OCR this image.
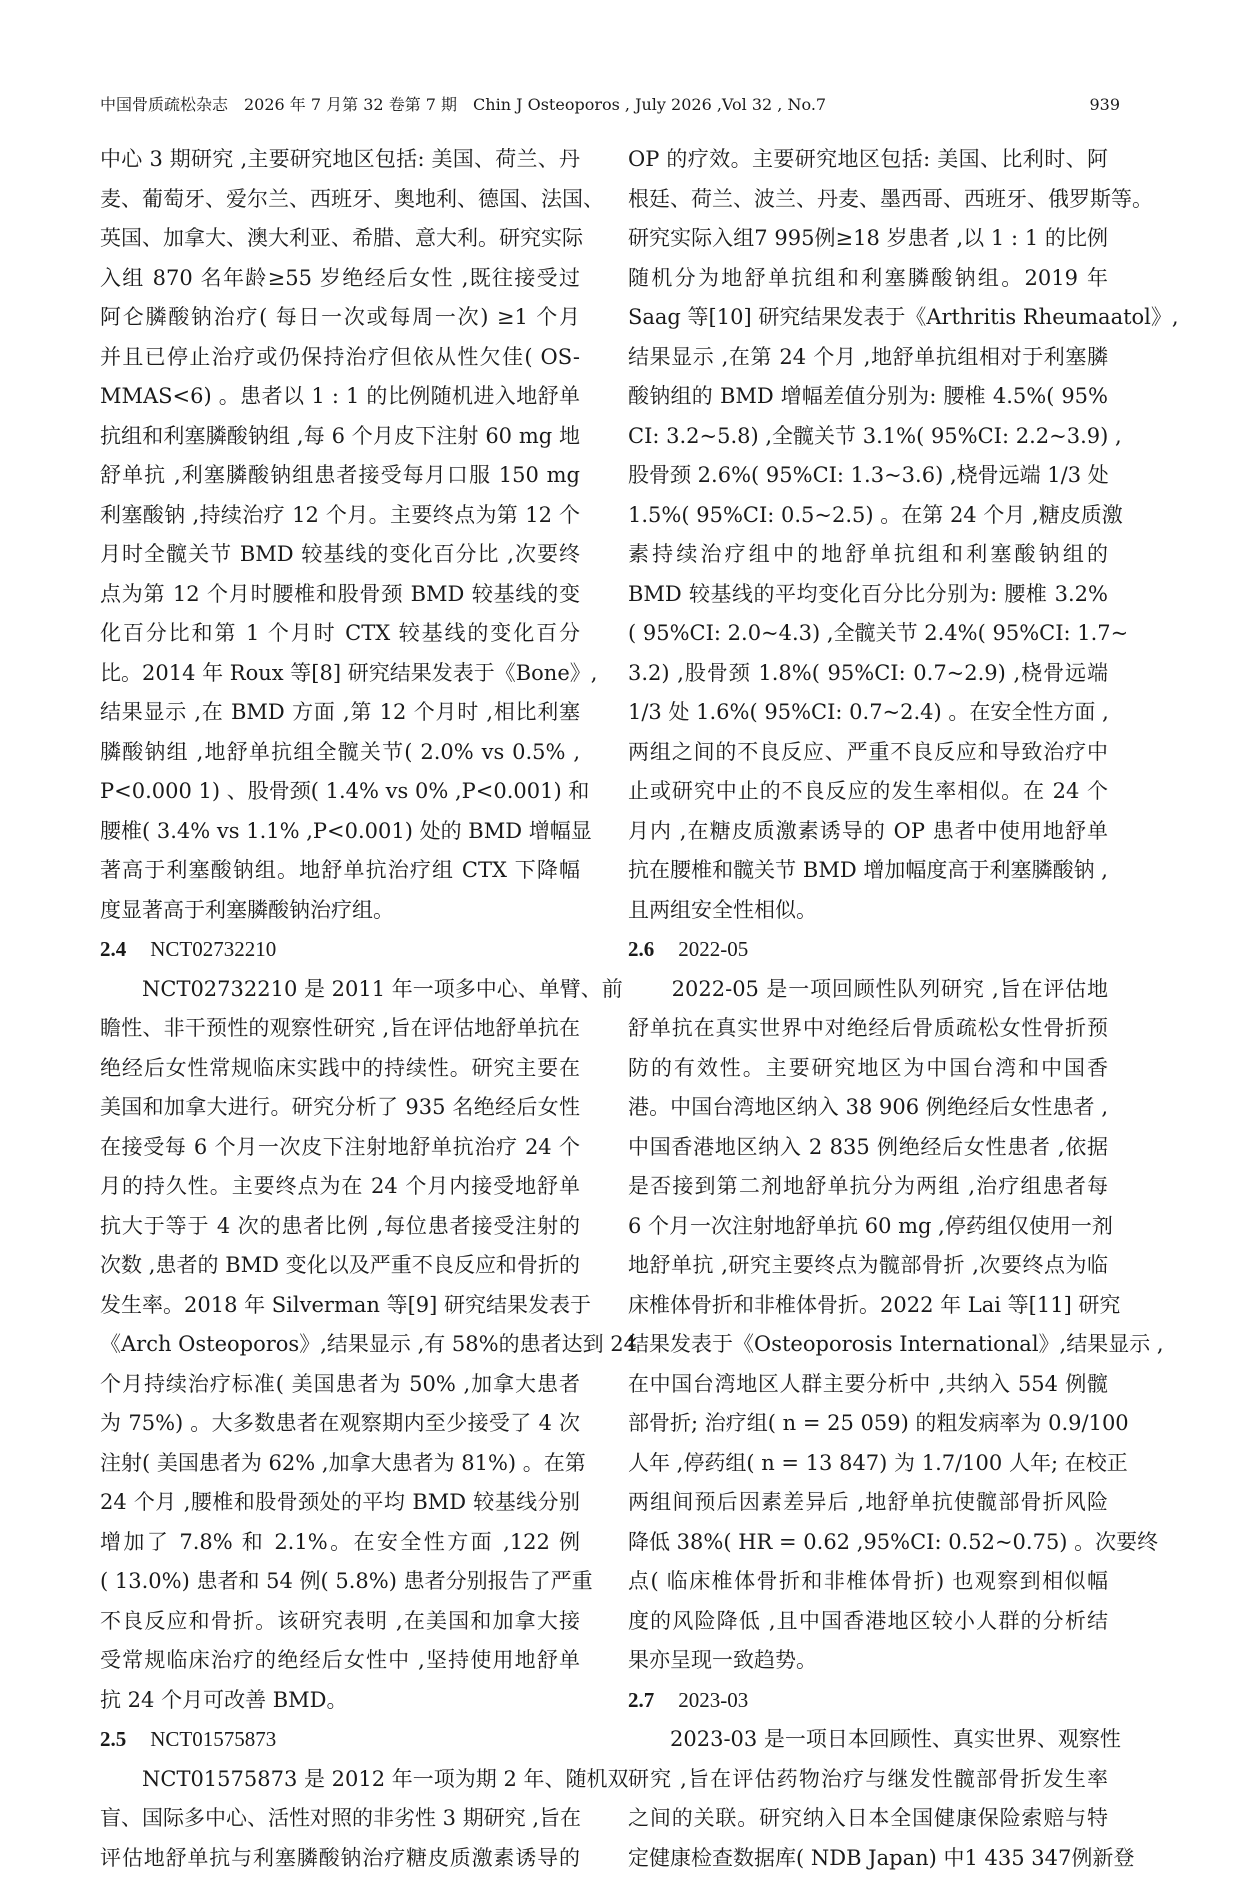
中国骨质疏松杂志　2026 年 7 月第 32 卷第 7 期　Chin J Osteoporos , July 2026 ,Vol 32 , No.7	939
中心 3 期研究 ,主要研究地区包括: 美国、荷兰、丹
麦、葡萄牙、爱尔兰、西班牙、奥地利、德国、法国、
英国、加拿大、澳大利亚、希腊、意大利。研究实际
入组 870 名年龄≥55 岁绝经后女性 ,既往接受过
阿仑膦酸钠治疗( 每日一次或每周一次) ≥1 个月
并且已停止治疗或仍保持治疗但依从性欠佳( OS-
MMAS<6) 。患者以 1 : 1 的比例随机进入地舒单
抗组和利塞膦酸钠组 ,每 6 个月皮下注射 60 mg 地
舒单抗 ,利塞膦酸钠组患者接受每月口服 150 mg
利塞酸钠 ,持续治疗 12 个月。主要终点为第 12 个
月时全髋关节 BMD 较基线的变化百分比 ,次要终
点为第 12 个月时腰椎和股骨颈 BMD 较基线的变
化百分比和第 1 个月时 CTX 较基线的变化百分
比。2014 年 Roux 等[8] 研究结果发表于《Bone》,
结果显示 ,在 BMD 方面 ,第 12 个月时 ,相比利塞
膦酸钠组 ,地舒单抗组全髋关节( 2.0% vs 0.5% ,
P<0.000 1) 、股骨颈( 1.4% vs 0% ,P<0.001) 和
腰椎( 3.4% vs 1.1% ,P<0.001) 处的 BMD 增幅显
著高于利塞酸钠组。地舒单抗治疗组 CTX 下降幅
度显著高于利塞膦酸钠治疗组。
2.4 NCT02732210
　　NCT02732210 是 2011 年一项多中心、单臂、前
瞻性、非干预性的观察性研究 ,旨在评估地舒单抗在
绝经后女性常规临床实践中的持续性。研究主要在
美国和加拿大进行。研究分析了 935 名绝经后女性
在接受每 6 个月一次皮下注射地舒单抗治疗 24 个
月的持久性。主要终点为在 24 个月内接受地舒单
抗大于等于 4 次的患者比例 ,每位患者接受注射的
次数 ,患者的 BMD 变化以及严重不良反应和骨折的
发生率。2018 年 Silverman 等[9] 研究结果发表于
《Arch Osteoporos》,结果显示 ,有 58%的患者达到 24
个月持续治疗标准( 美国患者为 50% ,加拿大患者
为 75%) 。大多数患者在观察期内至少接受了 4 次
注射( 美国患者为 62% ,加拿大患者为 81%) 。在第
24 个月 ,腰椎和股骨颈处的平均 BMD 较基线分别
增加了 7.8% 和 2.1%。在安全性方面 ,122 例
( 13.0%) 患者和 54 例( 5.8%) 患者分别报告了严重
不良反应和骨折。该研究表明 ,在美国和加拿大接
受常规临床治疗的绝经后女性中 ,坚持使用地舒单
抗 24 个月可改善 BMD。
2.5 NCT01575873
　　NCT01575873 是 2012 年一项为期 2 年、随机双
盲、国际多中心、活性对照的非劣性 3 期研究 ,旨在
评估地舒单抗与利塞膦酸钠治疗糖皮质激素诱导的
OP 的疗效。主要研究地区包括: 美国、比利时、阿
根廷、荷兰、波兰、丹麦、墨西哥、西班牙、俄罗斯等。
研究实际入组7 995例≥18 岁患者 ,以 1 : 1 的比例
随机分为地舒单抗组和利塞膦酸钠组。2019 年
Saag 等[10] 研究结果发表于《Arthritis Rheumaatol》,
结果显示 ,在第 24 个月 ,地舒单抗组相对于利塞膦
酸钠组的 BMD 增幅差值分别为: 腰椎 4.5%( 95%
CI: 3.2~5.8) ,全髋关节 3.1%( 95%CI: 2.2~3.9) ,
股骨颈 2.6%( 95%CI: 1.3~3.6) ,桡骨远端 1/3 处
1.5%( 95%CI: 0.5~2.5) 。在第 24 个月 ,糖皮质激
素持续治疗组中的地舒单抗组和利塞酸钠组的
BMD 较基线的平均变化百分比分别为: 腰椎 3.2%
( 95%CI: 2.0~4.3) ,全髋关节 2.4%( 95%CI: 1.7~
3.2) ,股骨颈 1.8%( 95%CI: 0.7~2.9) ,桡骨远端
1/3 处 1.6%( 95%CI: 0.7~2.4) 。在安全性方面 ,
两组之间的不良反应、严重不良反应和导致治疗中
止或研究中止的不良反应的发生率相似。在 24 个
月内 ,在糖皮质激素诱导的 OP 患者中使用地舒单
抗在腰椎和髋关节 BMD 增加幅度高于利塞膦酸钠 ,
且两组安全性相似。
2.6 2022-05
　　2022-05 是一项回顾性队列研究 ,旨在评估地
舒单抗在真实世界中对绝经后骨质疏松女性骨折预
防的有效性。主要研究地区为中国台湾和中国香
港。中国台湾地区纳入 38 906 例绝经后女性患者 ,
中国香港地区纳入 2 835 例绝经后女性患者 ,依据
是否接到第二剂地舒单抗分为两组 ,治疗组患者每
6 个月一次注射地舒单抗 60 mg ,停药组仅使用一剂
地舒单抗 ,研究主要终点为髋部骨折 ,次要终点为临
床椎体骨折和非椎体骨折。2022 年 Lai 等[11] 研究
结果发表于《Osteoporosis International》,结果显示 ,
在中国台湾地区人群主要分析中 ,共纳入 554 例髋
部骨折; 治疗组( n = 25 059) 的粗发病率为 0.9/100
人年 ,停药组( n = 13 847) 为 1.7/100 人年; 在校正
两组间预后因素差异后 ,地舒单抗使髋部骨折风险
降低 38%( HR = 0.62 ,95%CI: 0.52~0.75) 。次要终
点( 临床椎体骨折和非椎体骨折) 也观察到相似幅
度的风险降低 ,且中国香港地区较小人群的分析结
果亦呈现一致趋势。
2.7 2023-03
　　2023-03 是一项日本回顾性、真实世界、观察性
研究 ,旨在评估药物治疗与继发性髋部骨折发生率
之间的关联。研究纳入日本全国健康保险索赔与特
定健康检查数据库( NDB Japan) 中1 435 347例新登
